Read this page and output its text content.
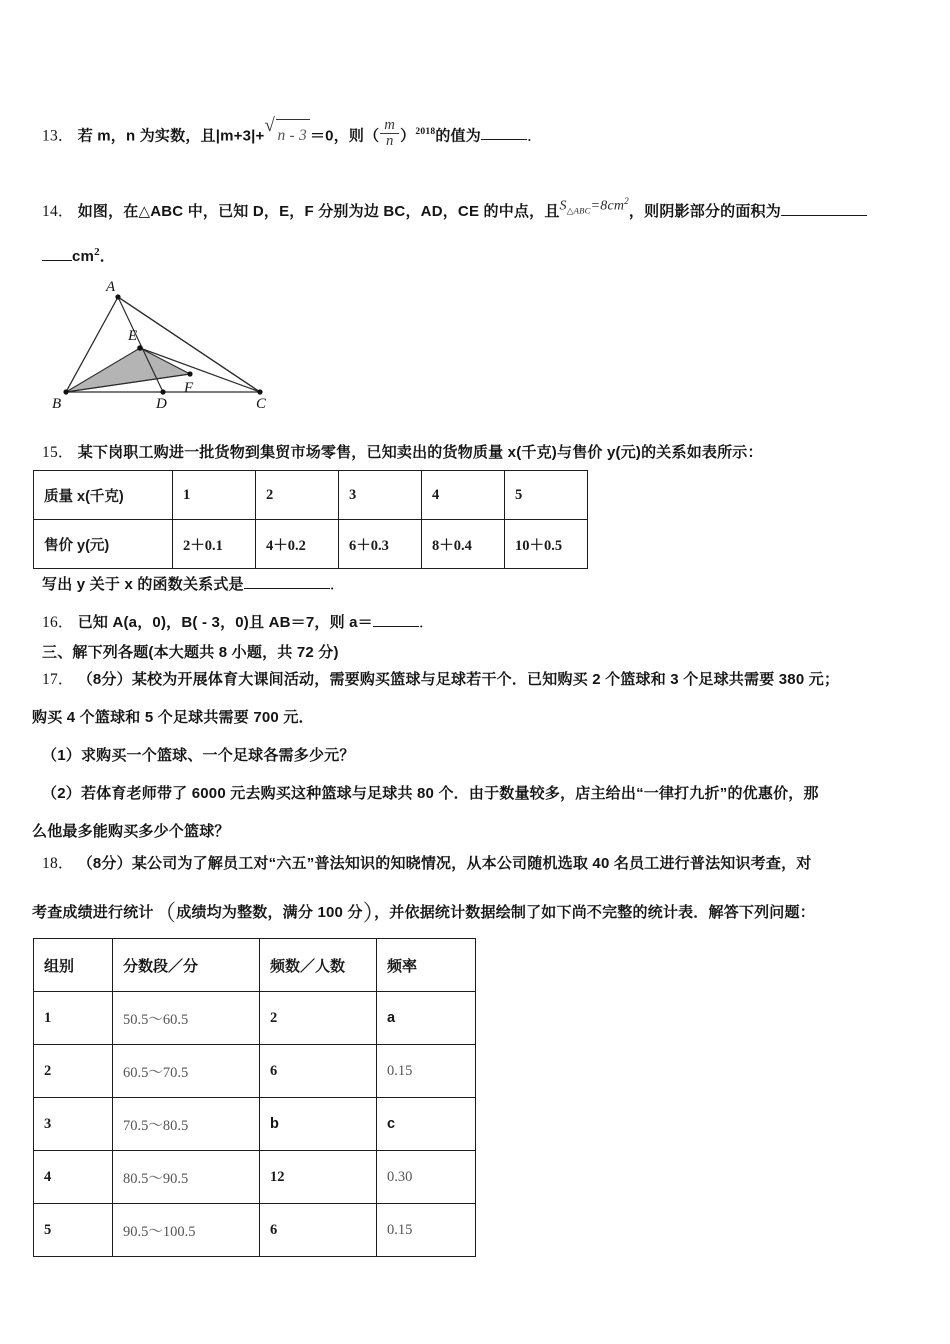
13． 若 m，n 为实数，且|m+3|+ √ n - 3 ＝0，则（ $\frac{m}{n} )^{2018}$的值为	．
14． 如图，在△ABC 中，已知 D，E，F 分别为边 BC，AD，CE 的中点，且$S_{\triangle ABC}=8cm^2$，则阴影部分的面积为
$cm^2$．
A
B	C
D
E
F
15． 某下岗职工购进一批货物到集贸市场零售，已知卖出的货物质量 x(千克)与售价 y(元)的关系如表所示：
质量 x(千克)	1	2	3	4	5
售价 y(元)	2＋0.1	4＋0.2	6＋0.3	8＋0.4	10＋0.5
写出 y 关于 x 的函数关系式是	．
16． 已知 A(a，0)，B( - 3，0)且 AB＝7，则 a＝	．
三、解下列各题(本大题共 8 小题，共 72 分)
17． （8分）某校为开展体育大课间活动，需要购买篮球与足球若干个．已知购买 2 个篮球和 3 个足球共需要 380 元；
购买 4 个篮球和 5 个足球共需要 700 元．
（1）求购买一个篮球、一个足球各需多少元？
（2）若体育老师带了 6000 元去购买这种篮球与足球共 80 个．由于数量较多，店主给出“一律打九折”的优惠价，那
么他最多能购买多少个篮球？
18． （8分）某公司为了解员工对“六五”普法知识的知晓情况，从本公司随机选取 40 名员工进行普法知识考查，对
考查成绩进行统计（成绩均为整数，满分 100 分），并依据统计数据绘制了如下尚不完整的统计表．解答下列问题：
组别	分数段／分	频数／人数	频率
1	50.5～60.5	2	a
2	60.5～70.5	6	0.15
3	70.5～80.5	b	c
4	80.5～90.5	12	0.30
5	90.5～100.5	6	0.15
